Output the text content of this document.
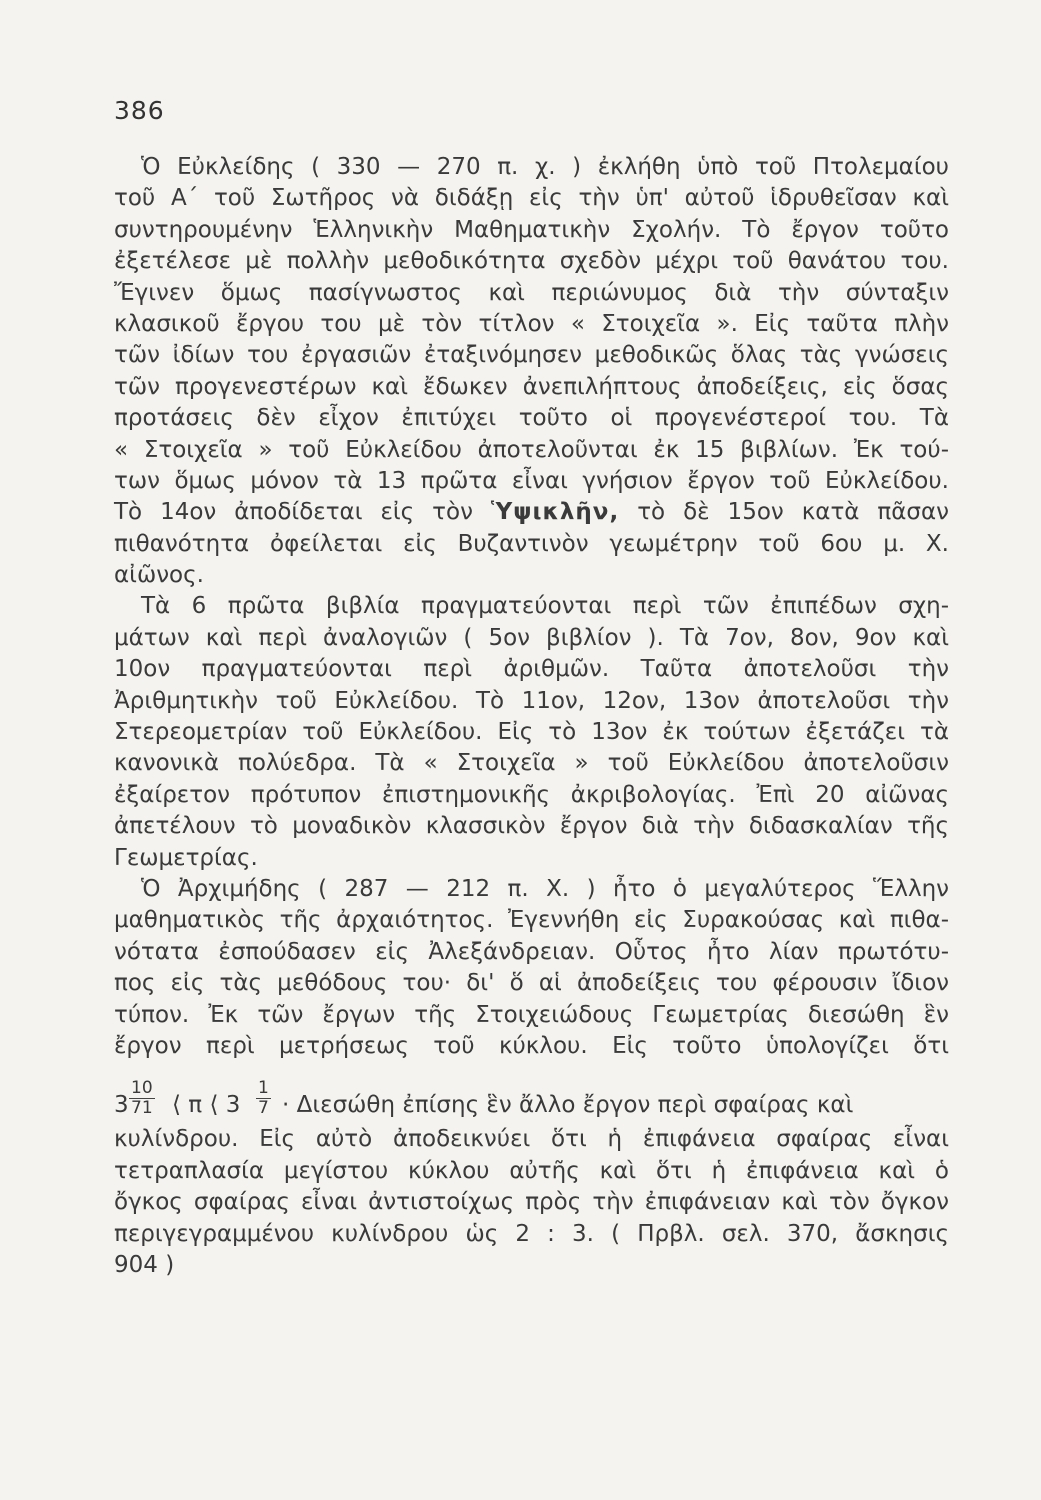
386
Ὁ Εὐκλείδης ( 330 — 270 π. χ. ) ἐκλήθη ὑπὸ τοῦ Πτολεμαίου
τοῦ Α΄ τοῦ Σωτῆρος νὰ διδάξῃ εἰς τὴν ὑπ' αὐτοῦ ἱδρυθεῖσαν καὶ
συντηρουμένην Ἑλληνικὴν Μαθηματικὴν Σχολήν. Τὸ ἔργον τοῦτο
ἐξετέλεσε μὲ πολλὴν μεθοδικότητα σχεδὸν μέχρι τοῦ θανάτου του.
Ἔγινεν ὅμως πασίγνωστος καὶ περιώνυμος διὰ τὴν σύνταξιν
κλασικοῦ ἔργου του μὲ τὸν τίτλον « Στοιχεῖα ». Εἰς ταῦτα πλὴν
τῶν ἰδίων του ἐργασιῶν ἐταξινόμησεν μεθοδικῶς ὅλας τὰς γνώσεις
τῶν προγενεστέρων καὶ ἔδωκεν ἀνεπιλήπτους ἀποδείξεις, εἰς ὅσας
προτάσεις δὲν εἶχον ἐπιτύχει τοῦτο οἱ προγενέστεροί του. Τὰ
« Στοιχεῖα » τοῦ Εὐκλείδου ἀποτελοῦνται ἐκ 15 βιβλίων. Ἐκ τού-
των ὅμως μόνον τὰ 13 πρῶτα εἶναι γνήσιον ἔργον τοῦ Εὐκλείδου.
Τὸ 14ον ἀποδίδεται εἰς τὸν Ὑψικλῆν, τὸ δὲ 15ον κατὰ πᾶσαν
πιθανότητα ὀφείλεται εἰς Βυζαντινὸν γεωμέτρην τοῦ 6ου μ. Χ.
αἰῶνος.
Τὰ 6 πρῶτα βιβλία πραγματεύονται περὶ τῶν ἐπιπέδων σχη-
μάτων καὶ περὶ ἀναλογιῶν ( 5ον βιβλίον ). Τὰ 7ον, 8ον, 9ον καὶ
10ον πραγματεύονται περὶ ἀριθμῶν. Ταῦτα ἀποτελοῦσι τὴν
Ἀριθμητικὴν τοῦ Εὐκλείδου. Τὸ 11ον, 12ον, 13ον ἀποτελοῦσι τὴν
Στερεομετρίαν τοῦ Εὐκλείδου. Εἰς τὸ 13ον ἐκ τούτων ἐξετάζει τὰ
κανονικὰ πολύεδρα. Τὰ « Στοιχεῖα » τοῦ Εὐκλείδου ἀποτελοῦσιν
ἐξαίρετον πρότυπον ἐπιστημονικῆς ἀκριβολογίας. Ἐπὶ 20 αἰῶνας
ἀπετέλουν τὸ μοναδικὸν κλασσικὸν ἔργον διὰ τὴν διδασκαλίαν τῆς
Γεωμετρίας.
Ὁ Ἀρχιμήδης ( 287 — 212 π. Χ. ) ἦτο ὁ μεγαλύτερος Ἕλλην
μαθηματικὸς τῆς ἀρχαιότητος. Ἐγεννήθη εἰς Συρακούσας καὶ πιθα-
νότατα ἐσπούδασεν εἰς Ἀλεξάνδρειαν. Οὗτος ἦτο λίαν πρωτότυ-
πος εἰς τὰς μεθόδους του· δι' ὅ αἱ ἀποδείξεις του φέρουσιν ἴδιον
τύπον. Ἐκ τῶν ἔργων τῆς Στοιχειώδους Γεωμετρίας διεσώθη ἓν
ἔργον περὶ μετρήσεως τοῦ κύκλου. Εἰς τοῦτο ὑπολογίζει ὅτι
$3 \frac{10}{71}$ ⟨ π ⟨ $3 \frac{1}{7} \cdot \Delta\iota\varepsilon\sigma ώ\theta\eta$ ἐπίσης ἓν ἄλλο ἔργον περὶ σφαίρας καὶ
κυλίνδρου. Εἰς αὐτὸ ἀποδεικνύει ὅτι ἡ ἐπιφάνεια σφαίρας εἶναι
τετραπλασία μεγίστου κύκλου αὐτῆς καὶ ὅτι ἡ ἐπιφάνεια καὶ ὁ
ὄγκος σφαίρας εἶναι ἀντιστοίχως πρὸς τὴν ἐπιφάνειαν καὶ τὸν ὄγκον
περιγεγραμμένου κυλίνδρου ὡς 2 : 3. ( Πρβλ. σελ. 370, ἄσκησις
904 )
